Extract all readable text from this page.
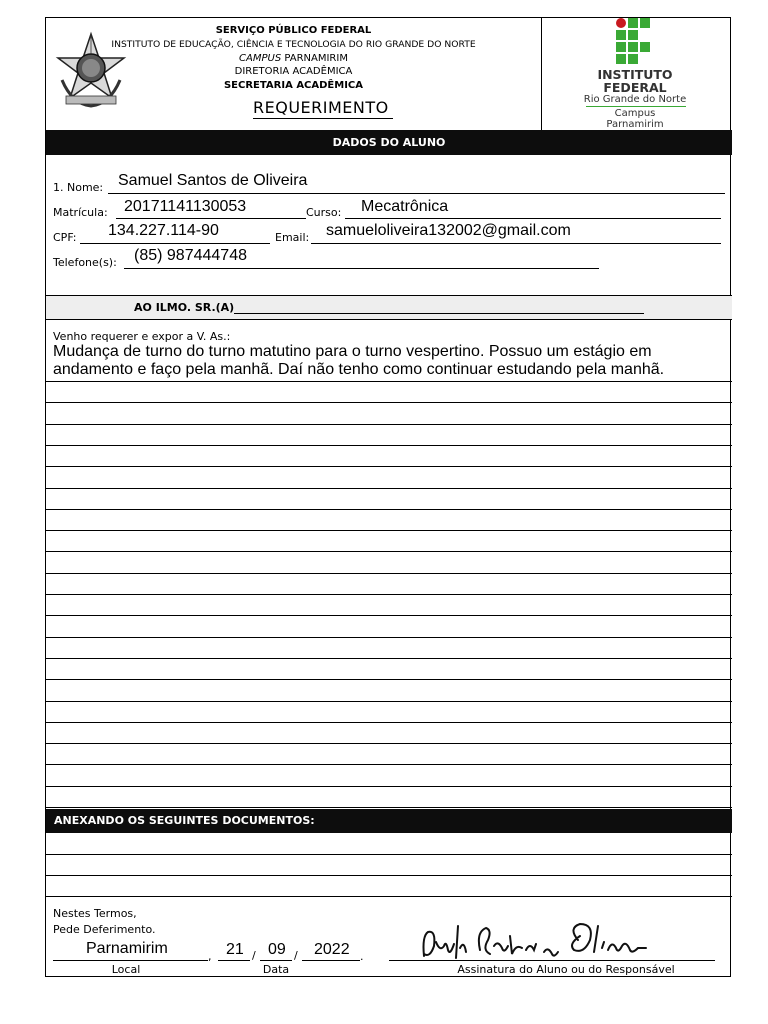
SERVIÇO PÚBLICO FEDERAL
INSTITUTO DE EDUCAÇÃO, CIÊNCIA E TECNOLOGIA DO RIO GRANDE DO NORTE
CAMPUS PARNAMIRIM
DIRETORIA ACADÊMICA
SECRETARIA ACADÊMICA
REQUERIMENTO
INSTITUTO
FEDERAL
Rio Grande do Norte
Campus
Parnamirim
DADOS DO ALUNO
1. Nome: Samuel Santos de Oliveira
Matrícula: 20171141130053	Curso: Mecatrônica
CPF: 134.227.114-90	Email: samueloliveira132002@gmail.com
Telefone(s): (85) 987444748
AO ILMO. SR.(A)
Venho requerer e expor a V. As.:
Mudança de turno do turno matutino para o turno vespertino. Possuo um estágio em
andamento e faço pela manhã. Daí não tenho como continuar estudando pela manhã.
ANEXANDO OS SEGUINTES DOCUMENTOS:
Nestes Termos,
Pede Deferimento.
Parnamirim	, 21 / 09 / 2022 .
Local	Data	Assinatura do Aluno ou do Responsável
